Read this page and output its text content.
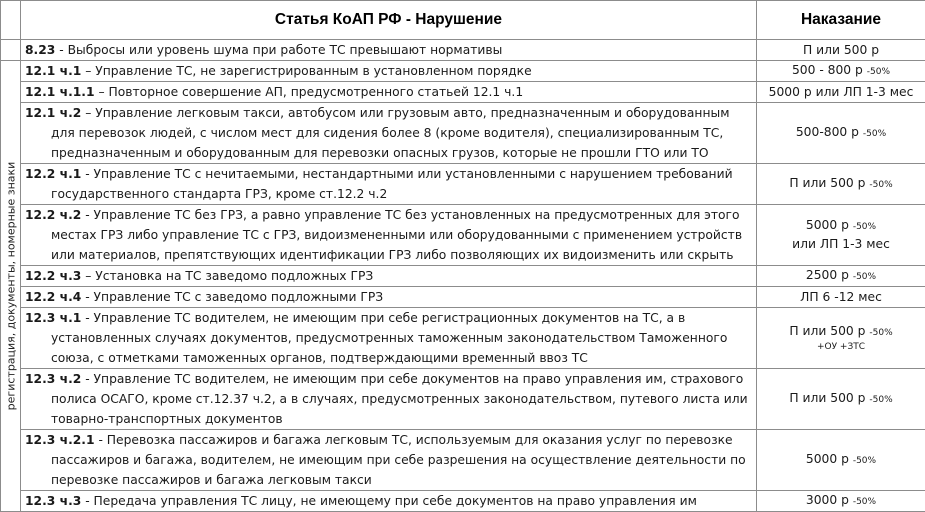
	Статья КоАП РФ - Нарушение	Наказание
	8.23 - Выбросы или уровень шума при работе ТС превышают нормативы	П или 500 р

регистрация, документы, номерные знаки	12.1 ч.1 – Управление ТС, не зарегистрированным в установленном порядке	500 - 800 р -50%
	12.1 ч.1.1 – Повторное совершение АП, предусмотренного статьей 12.1 ч.1	5000 р или ЛП 1-3 мес
	12.1 ч.2 – Управление легковым такси, автобусом или грузовым авто, предназначенным и оборудованным для перевозок людей, с числом мест для сидения более 8 (кроме водителя), специализированным ТС, предназначенным и оборудованным для перевозки опасных грузов, которые не прошли ГТО или ТО	500-800 р -50%
	12.2 ч.1 - Управление ТС с нечитаемыми, нестандартными или установленными с нарушением требований государственного стандарта ГРЗ, кроме ст.12.2 ч.2	П или 500 р -50%
	12.2 ч.2 - Управление ТС без ГРЗ, а равно управление ТС без установленных на предусмотренных для этого местах ГРЗ либо управление ТС с ГРЗ, видоизмененными или оборудованными с применением устройств или материалов, препятствующих идентификации ГРЗ либо позволяющих их видоизменить или скрыть	5000 р -50%
или ЛП 1-3 мес
	12.2 ч.3 – Установка на ТС заведомо подложных ГРЗ	2500 р -50%
	12.2 ч.4 - Управление ТС с заведомо подложными ГРЗ	ЛП 6 -12 мес
	12.3 ч.1 - Управление ТС водителем, не имеющим при себе регистрационных документов на ТС, а в установленных случаях документов, предусмотренных таможенным законодательством Таможенного союза, с отметками таможенных органов, подтверждающими временный ввоз ТС	П или 500 р -50%
+ОУ +ЗТС

	12.3 ч.2 - Управление ТС водителем, не имеющим при себе документов на право управления им, страхового полиса ОСАГО, кроме ст.12.37 ч.2, а в случаях, предусмотренных законодательством, путевого листа или товарно-транспортных документов	П или 500 р -50%
	12.3 ч.2.1 - Перевозка пассажиров и багажа легковым ТС, используемым для оказания услуг по перевозке пассажиров и багажа, водителем, не имеющим при себе разрешения на осуществление деятельности по перевозке пассажиров и багажа легковым такси	5000 р -50%
	12.3 ч.3 - Передача управления ТС лицу, не имеющему при себе документов на право управления им	3000 р -50%
